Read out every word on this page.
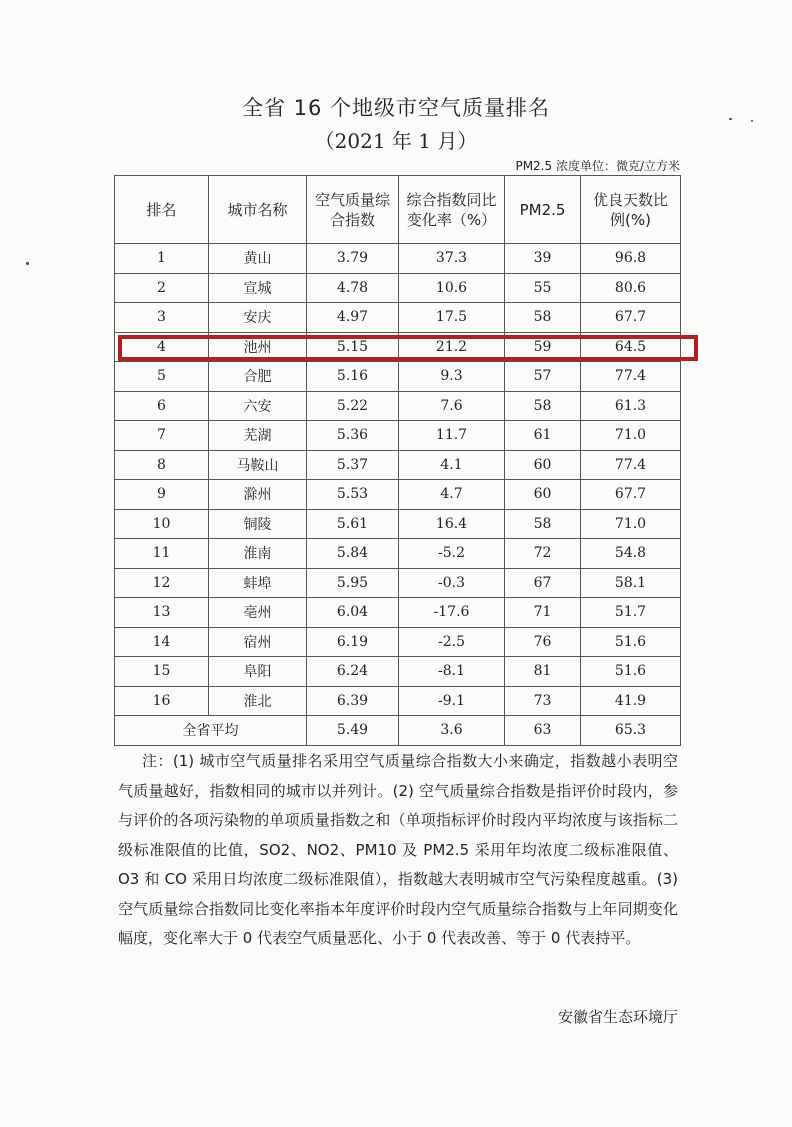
全省 16 个地级市空气质量排名
（2021 年 1 月）
PM2.5 浓度单位：微克/立方米
排名	城市名称	空气质量综合指数	综合指数同比变化率（%）	PM2.5	优良天数比例(%)
1	黄山	3.79	37.3	39	96.8
2	宣城	4.78	10.6	55	80.6
3	安庆	4.97	17.5	58	67.7
4	池州	5.15	21.2	59	64.5
5	合肥	5.16	9.3	57	77.4
6	六安	5.22	7.6	58	61.3
7	芜湖	5.36	11.7	61	71.0
8	马鞍山	5.37	4.1	60	77.4
9	滁州	5.53	4.7	60	67.7
10	铜陵	5.61	16.4	58	71.0
11	淮南	5.84	-5.2	72	54.8
12	蚌埠	5.95	-0.3	67	58.1
13	亳州	6.04	-17.6	71	51.7
14	宿州	6.19	-2.5	76	51.6
15	阜阳	6.24	-8.1	81	51.6
16	淮北	6.39	-9.1	73	41.9
全省平均		5.49	3.6	63	65.3
注：(1) 城市空气质量排名采用空气质量综合指数大小来确定，指数越小表明空气质量越好，指数相同的城市以并列计。(2) 空气质量综合指数是指评价时段内，参与评价的各项污染物的单项质量指数之和（单项指标评价时段内平均浓度与该指标二级标准限值的比值，SO2、NO2、PM10 及 PM2.5 采用年均浓度二级标准限值、O3 和 CO 采用日均浓度二级标准限值），指数越大表明城市空气污染程度越重。(3) 空气质量综合指数同比变化率指本年度评价时段内空气质量综合指数与上年同期变化幅度，变化率大于 0 代表空气质量恶化、小于 0 代表改善、等于 0 代表持平。
安徽省生态环境厅
